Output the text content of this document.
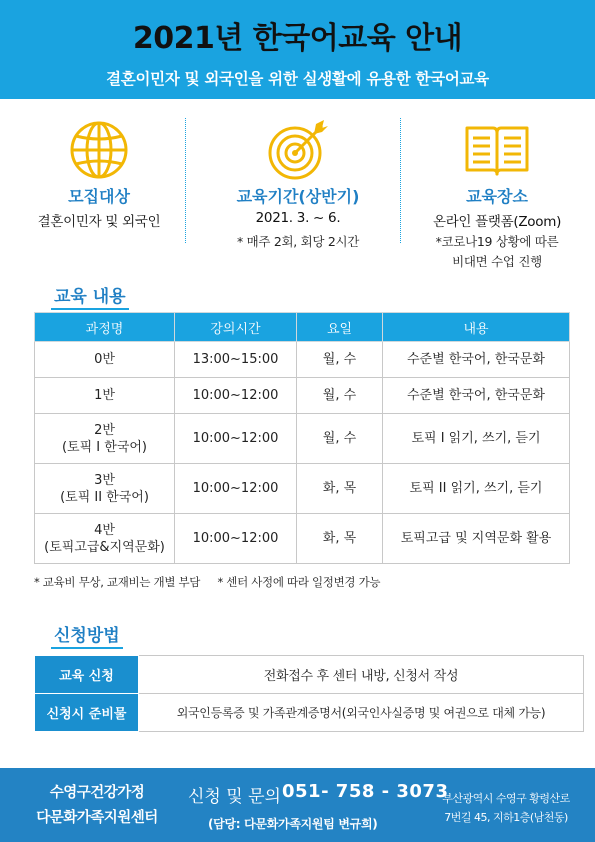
2021년 한국어교육 안내
결혼이민자 및 외국인을 위한 실생활에 유용한 한국어교육
모집대상
결혼이민자 및 외국인
교육기간(상반기)
2021. 3. ~ 6.
* 매주 2회, 회당 2시간
교육장소
온라인 플랫폼(Zoom)
*코로나19 상황에 따른
비대면 수업 진행
교육 내용
과정명	강의시간	요일	내용
0반	13:00~15:00	월, 수	수준별 한국어, 한국문화
1반	10:00~12:00	월, 수	수준별 한국어, 한국문화

2반
(토픽 I 한국어)	10:00~12:00	월, 수	토픽 I 읽기, 쓰기, 듣기

3반
(토픽 II 한국어)	10:00~12:00	화, 목	토픽 II 읽기, 쓰기, 듣기

4반
(토픽고급&지역문화)	10:00~12:00	화, 목	토픽고급 및 지역문화 활용
* 교육비 무상, 교재비는 개별 부담 * 센터 사정에 따라 일정변경 가능
신청방법
교육 신청	전화접수 후 센터 내방, 신청서 작성
신청시 준비물	외국인등록증 및 가족관계증명서(외국인사실증명 및 여권으로 대체 가능)
수영구건강가정
다문화가족지원센터
신청 및 문의 051- 758 - 3073
(담당: 다문화가족지원팀 변규희)
부산광역시 수영구 황령산로
7번길 45, 지하1층(남천동)
